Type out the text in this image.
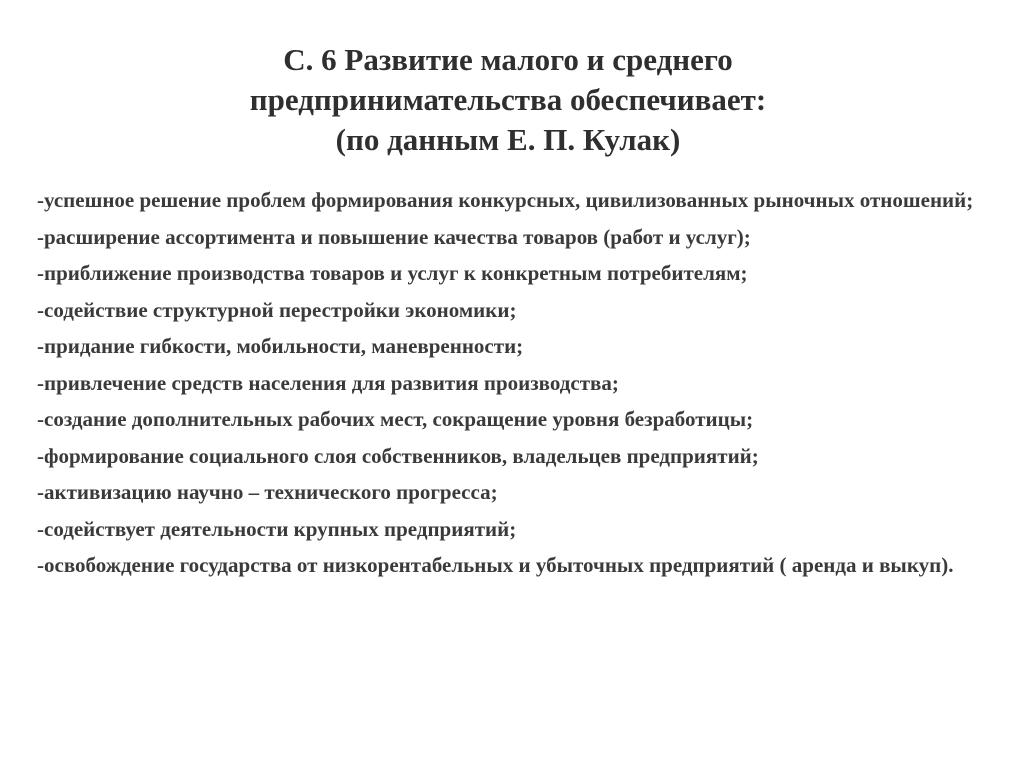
С. 6 Развитие малого и среднего
предпринимательства обеспечивает:
(по данным Е. П. Кулак)
-успешное решение проблем формирования конкурсных, цивилизованных рыночных отношений;
-расширение ассортимента и повышение качества товаров (работ и услуг);
-приближение производства товаров и услуг к конкретным потребителям;
-содействие структурной перестройки экономики;
-придание гибкости, мобильности, маневренности;
-привлечение средств населения для развития производства;
-создание дополнительных рабочих мест, сокращение уровня безработицы;
-формирование социального слоя собственников, владельцев предприятий;
-активизацию научно – технического прогресса;
-содействует деятельности крупных предприятий;
-освобождение государства от низкорентабельных и убыточных предприятий ( аренда и выкуп).
